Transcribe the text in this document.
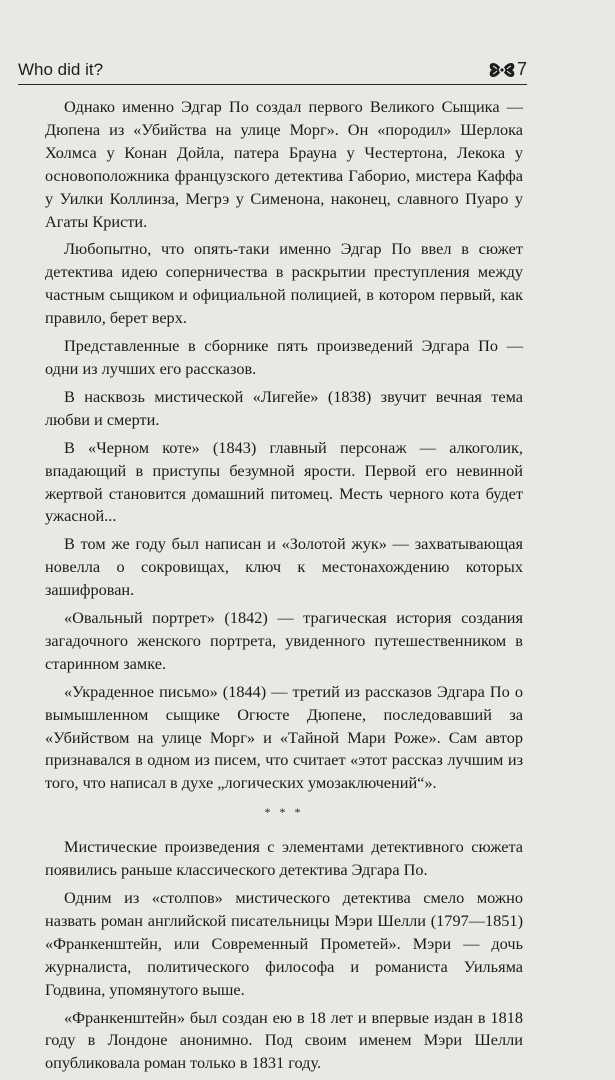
Who did it?	7

Однако именно Эдгар По создал первого Великого Сыщика — Дюпена из «Убийства на улице Морг». Он «породил» Шерлока Холмса у Конан Дойла, патера Брауна у Честертона, Лекока у основоположника французского детектива Габорио, мистера Каффа у Уилки Коллинза, Мегрэ у Сименона, наконец, славного Пуаро у Агаты Кристи.

Любопытно, что опять-таки именно Эдгар По ввел в сюжет детектива идею соперничества в раскрытии преступления между частным сыщиком и официальной полицией, в котором первый, как правило, берет верх.

Представленные в сборнике пять произведений Эдгара По — одни из лучших его рассказов.

В насквозь мистической «Лигейе» (1838) звучит вечная тема любви и смерти.

В «Черном коте» (1843) главный персонаж — алкоголик, впадающий в приступы безумной ярости. Первой его невинной жертвой становится домашний питомец. Месть черного кота будет ужасной...

В том же году был написан и «Золотой жук» — захватывающая новелла о сокровищах, ключ к местонахождению которых зашифрован.

«Овальный портрет» (1842) — трагическая история создания загадочного женского портрета, увиденного путешественником в старинном замке.

«Украденное письмо» (1844) — третий из рассказов Эдгара По о вымышленном сыщике Огюсте Дюпене, последовавший за «Убийством на улице Морг» и «Тайной Мари Роже». Сам автор признавался в одном из писем, что считает «этот рассказ лучшим из того, что написал в духе „логических умозаключений“».

* * *

Мистические произведения с элементами детективного сюжета появились раньше классического детектива Эдгара По.

Одним из «столпов» мистического детектива смело можно назвать роман английской писательницы Мэри Шелли (1797—1851) «Франкенштейн, или Современный Прометей». Мэри — дочь журналиста, политического философа и романиста Уильяма Годвина, упомянутого выше.

«Франкенштейн» был создан ею в 18 лет и впервые издан в 1818 году в Лондоне анонимно. Под своим именем Мэри Шелли опубликовала роман только в 1831 году.
